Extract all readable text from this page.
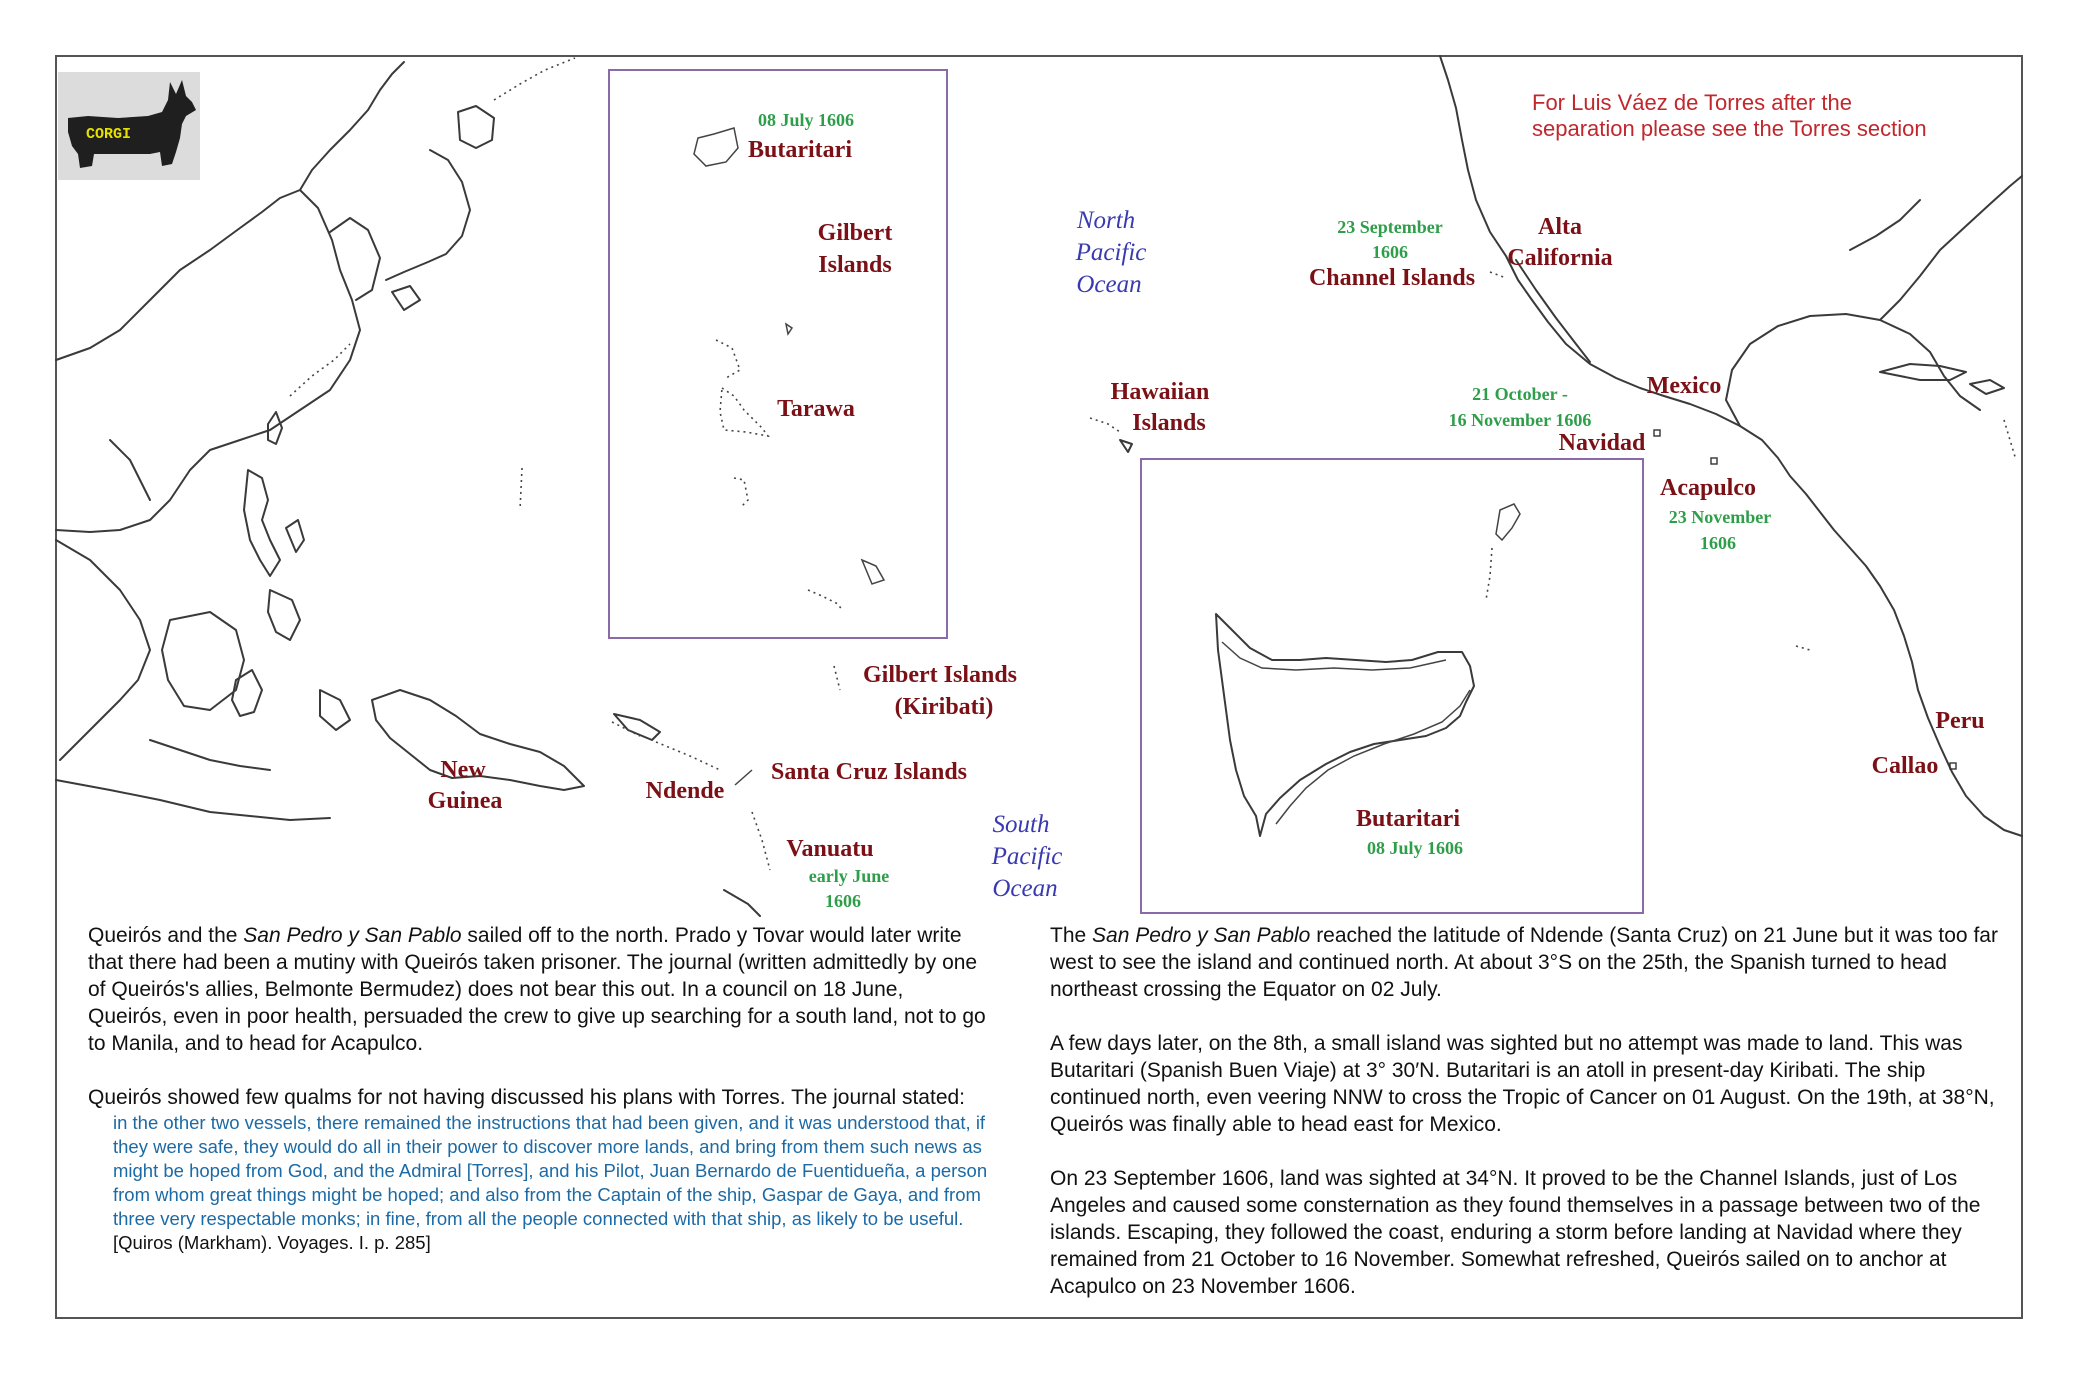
08 July 1606
Butaritari
Gilbert
Islands
Tarawa
North
Pacific
Ocean
23 September
1606
Channel Islands
Alta
California
Hawaiian
Islands
Mexico
21 October -
16 November 1606
Navidad
Acapulco
23 November
1606
Gilbert Islands
(Kiribati)
New
Guinea	Ndende
Santa Cruz Islands
Vanuatu
early June
1606
South
Pacific
Ocean
Butaritari
08 July 1606
Peru
Callao
CORGI
For Luis Váez de Torres after the separation please see the Torres section

Queirós and the San Pedro y San Pablo sailed off to the north. Prado y Tovar would later write that there had been a mutiny with Queirós taken prisoner. The journal (written admittedly by one of Queirós's allies, Belmonte Bermudez) does not bear this out. In a council on 18 June, Queirós, even in poor health, persuaded the crew to give up searching for a south land, not to go to Manila, and to head for Acapulco.

Queirós showed few qualms for not having discussed his plans with Torres. The journal stated:

in the other two vessels, there remained the instructions that had been given, and it was understood that, if they were safe, they would do all in their power to discover more lands, and bring from them such news as might be hoped from God, and the Admiral [Torres], and his Pilot, Juan Bernardo de Fuentidueña, a person from whom great things might be hoped; and also from the Captain of the ship, Gaspar de Gaya, and from three very respectable monks; in fine, from all the people connected with that ship, as likely to be useful.
[Quiros (Markham). Voyages. I. p. 285]

The San Pedro y San Pablo reached the latitude of Ndende (Santa Cruz) on 21 June but it was too far west to see the island and continued north. At about 3°S on the 25th, the Spanish turned to head northeast crossing the Equator on 02 July.

A few days later, on the 8th, a small island was sighted but no attempt was made to land. This was Butaritari (Spanish Buen Viaje) at 3° 30′N. Butaritari is an atoll in present-day Kiribati. The ship continued north, even veering NNW to cross the Tropic of Cancer on 01 August. On the 19th, at 38°N, Queirós was finally able to head east for Mexico.

On 23 September 1606, land was sighted at 34°N. It proved to be the Channel Islands, just of Los Angeles and caused some consternation as they found themselves in a passage between two of the islands. Escaping, they followed the coast, enduring a storm before landing at Navidad where they remained from 21 October to 16 November. Somewhat refreshed, Queirós sailed on to anchor at Acapulco on 23 November 1606.
